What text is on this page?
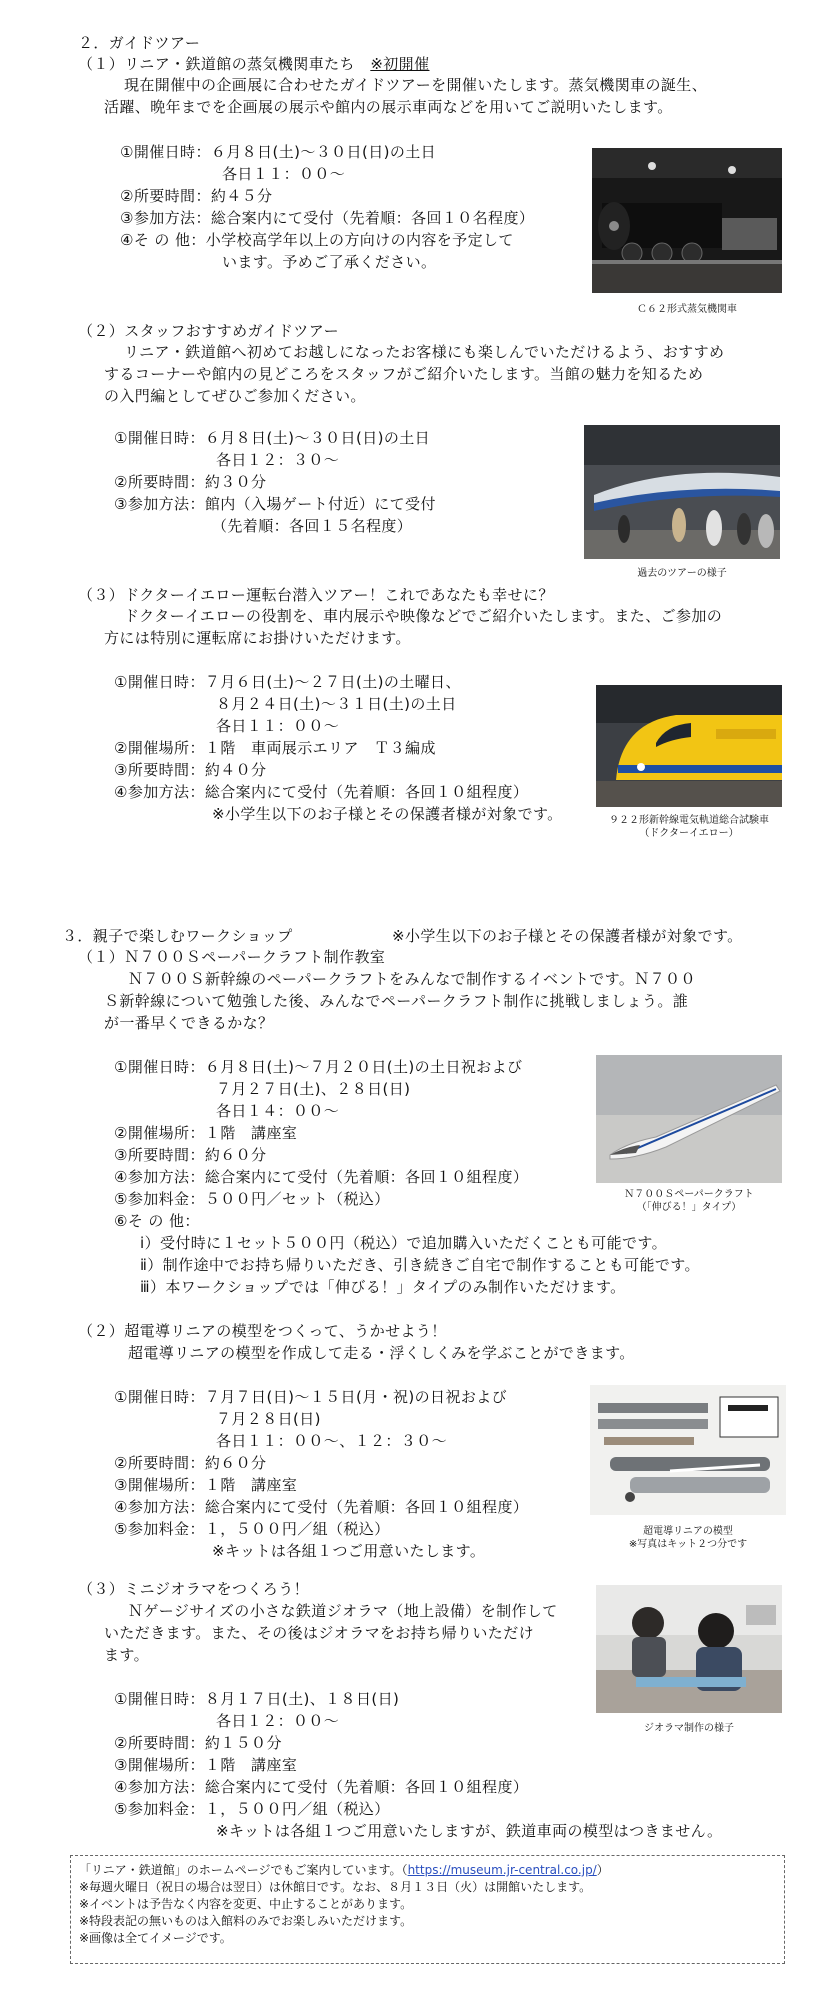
２．ガイドツアー
（１）リニア・鉄道館の蒸気機関車たち　 ※初開催
現在開催中の企画展に合わせたガイドツアーを開催いたします。蒸気機関車の誕生、
活躍、晩年までを企画展の展示や館内の展示車両などを用いてご説明いたします。
①開催日時：６月８日(土)～３０日(日)の土日
各日１１：００～
②所要時間：約４５分
③参加方法：総合案内にて受付（先着順：各回１０名程度）
④そ の 他：小学校高学年以上の方向けの内容を予定して
います。予めご了承ください。
Ｃ６２形式蒸気機関車
（２）スタッフおすすめガイドツアー
リニア・鉄道館へ初めてお越しになったお客様にも楽しんでいただけるよう、おすすめ
するコーナーや館内の見どころをスタッフがご紹介いたします。当館の魅力を知るため
の入門編としてぜひご参加ください。
①開催日時：６月８日(土)～３０日(日)の土日
各日１２：３０～
②所要時間：約３０分
③参加方法：館内（入場ゲート付近）にて受付
（先着順：各回１５名程度）
過去のツアーの様子
（３）ドクターイエロー運転台潜入ツアー！これであなたも幸せに？
ドクターイエローの役割を、車内展示や映像などでご紹介いたします。また、ご参加の
方には特別に運転席にお掛けいただけます。
①開催日時：７月６日(土)～２７日(土)の土曜日、
８月２４日(土)～３１日(土)の土日
各日１１：００～
②開催場所：１階　車両展示エリア　Ｔ３編成
③所要時間：約４０分
④参加方法：総合案内にて受付（先着順：各回１０組程度）
※小学生以下のお子様とその保護者様が対象です。	９２２形新幹線電気軌道総合試験車
（ドクターイエロー）
３．親子で楽しむワークショップ	※小学生以下のお子様とその保護者様が対象です。
（１）Ｎ７００Ｓペーパークラフト制作教室
Ｎ７００Ｓ新幹線のペーパークラフトをみんなで制作するイベントです。Ｎ７００
Ｓ新幹線について勉強した後、みんなでペーパークラフト制作に挑戦しましょう。誰
が一番早くできるかな？
①開催日時：６月８日(土)～７月２０日(土)の土日祝および
７月２７日(土)、２８日(日)
各日１４：００～
②開催場所：１階　講座室
③所要時間：約６０分
④参加方法：総合案内にて受付（先着順：各回１０組程度）
⑤参加料金：５００円／セット（税込）
⑥そ の 他：
ⅰ）受付時に１セット５００円（税込）で追加購入いただくことも可能です。
ⅱ）制作途中でお持ち帰りいただき、引き続きご自宅で制作することも可能です。
ⅲ）本ワークショップでは「伸びる！」タイプのみ制作いただけます。
Ｎ７００Ｓペーパークラフト
（「伸びる！」タイプ）
（２）超電導リニアの模型をつくって、うかせよう！
超電導リニアの模型を作成して走る・浮くしくみを学ぶことができます。
①開催日時：７月７日(日)～１５日(月・祝)の日祝および
７月２８日(日)
各日１１：００～、１２：３０～
②所要時間：約６０分
③開催場所：１階　講座室
④参加方法：総合案内にて受付（先着順：各回１０組程度）
⑤参加料金：１，５００円／組（税込）
※キットは各組１つご用意いたします。
超電導リニアの模型
※写真はキット２つ分です
（３）ミニジオラマをつくろう！
Ｎゲージサイズの小さな鉄道ジオラマ（地上設備）を制作して
いただきます。また、その後はジオラマをお持ち帰りいただけ
ます。
①開催日時：８月１７日(土)、１８日(日)
各日１２：００～
②所要時間：約１５０分
③開催場所：１階　講座室
④参加方法：総合案内にて受付（先着順：各回１０組程度）
⑤参加料金：１，５００円／組（税込）
※キットは各組１つご用意いたしますが、鉄道車両の模型はつきません。
ジオラマ制作の様子
「リニア・鉄道館」のホームページでもご案内しています。（https://museum.jr-central.co.jp/）
※毎週火曜日（祝日の場合は翌日）は休館日です。なお、８月１３日（火）は開館いたします。
※イベントは予告なく内容を変更、中止することがあります。
※特段表記の無いものは入館料のみでお楽しみいただけます。
※画像は全てイメージです。
